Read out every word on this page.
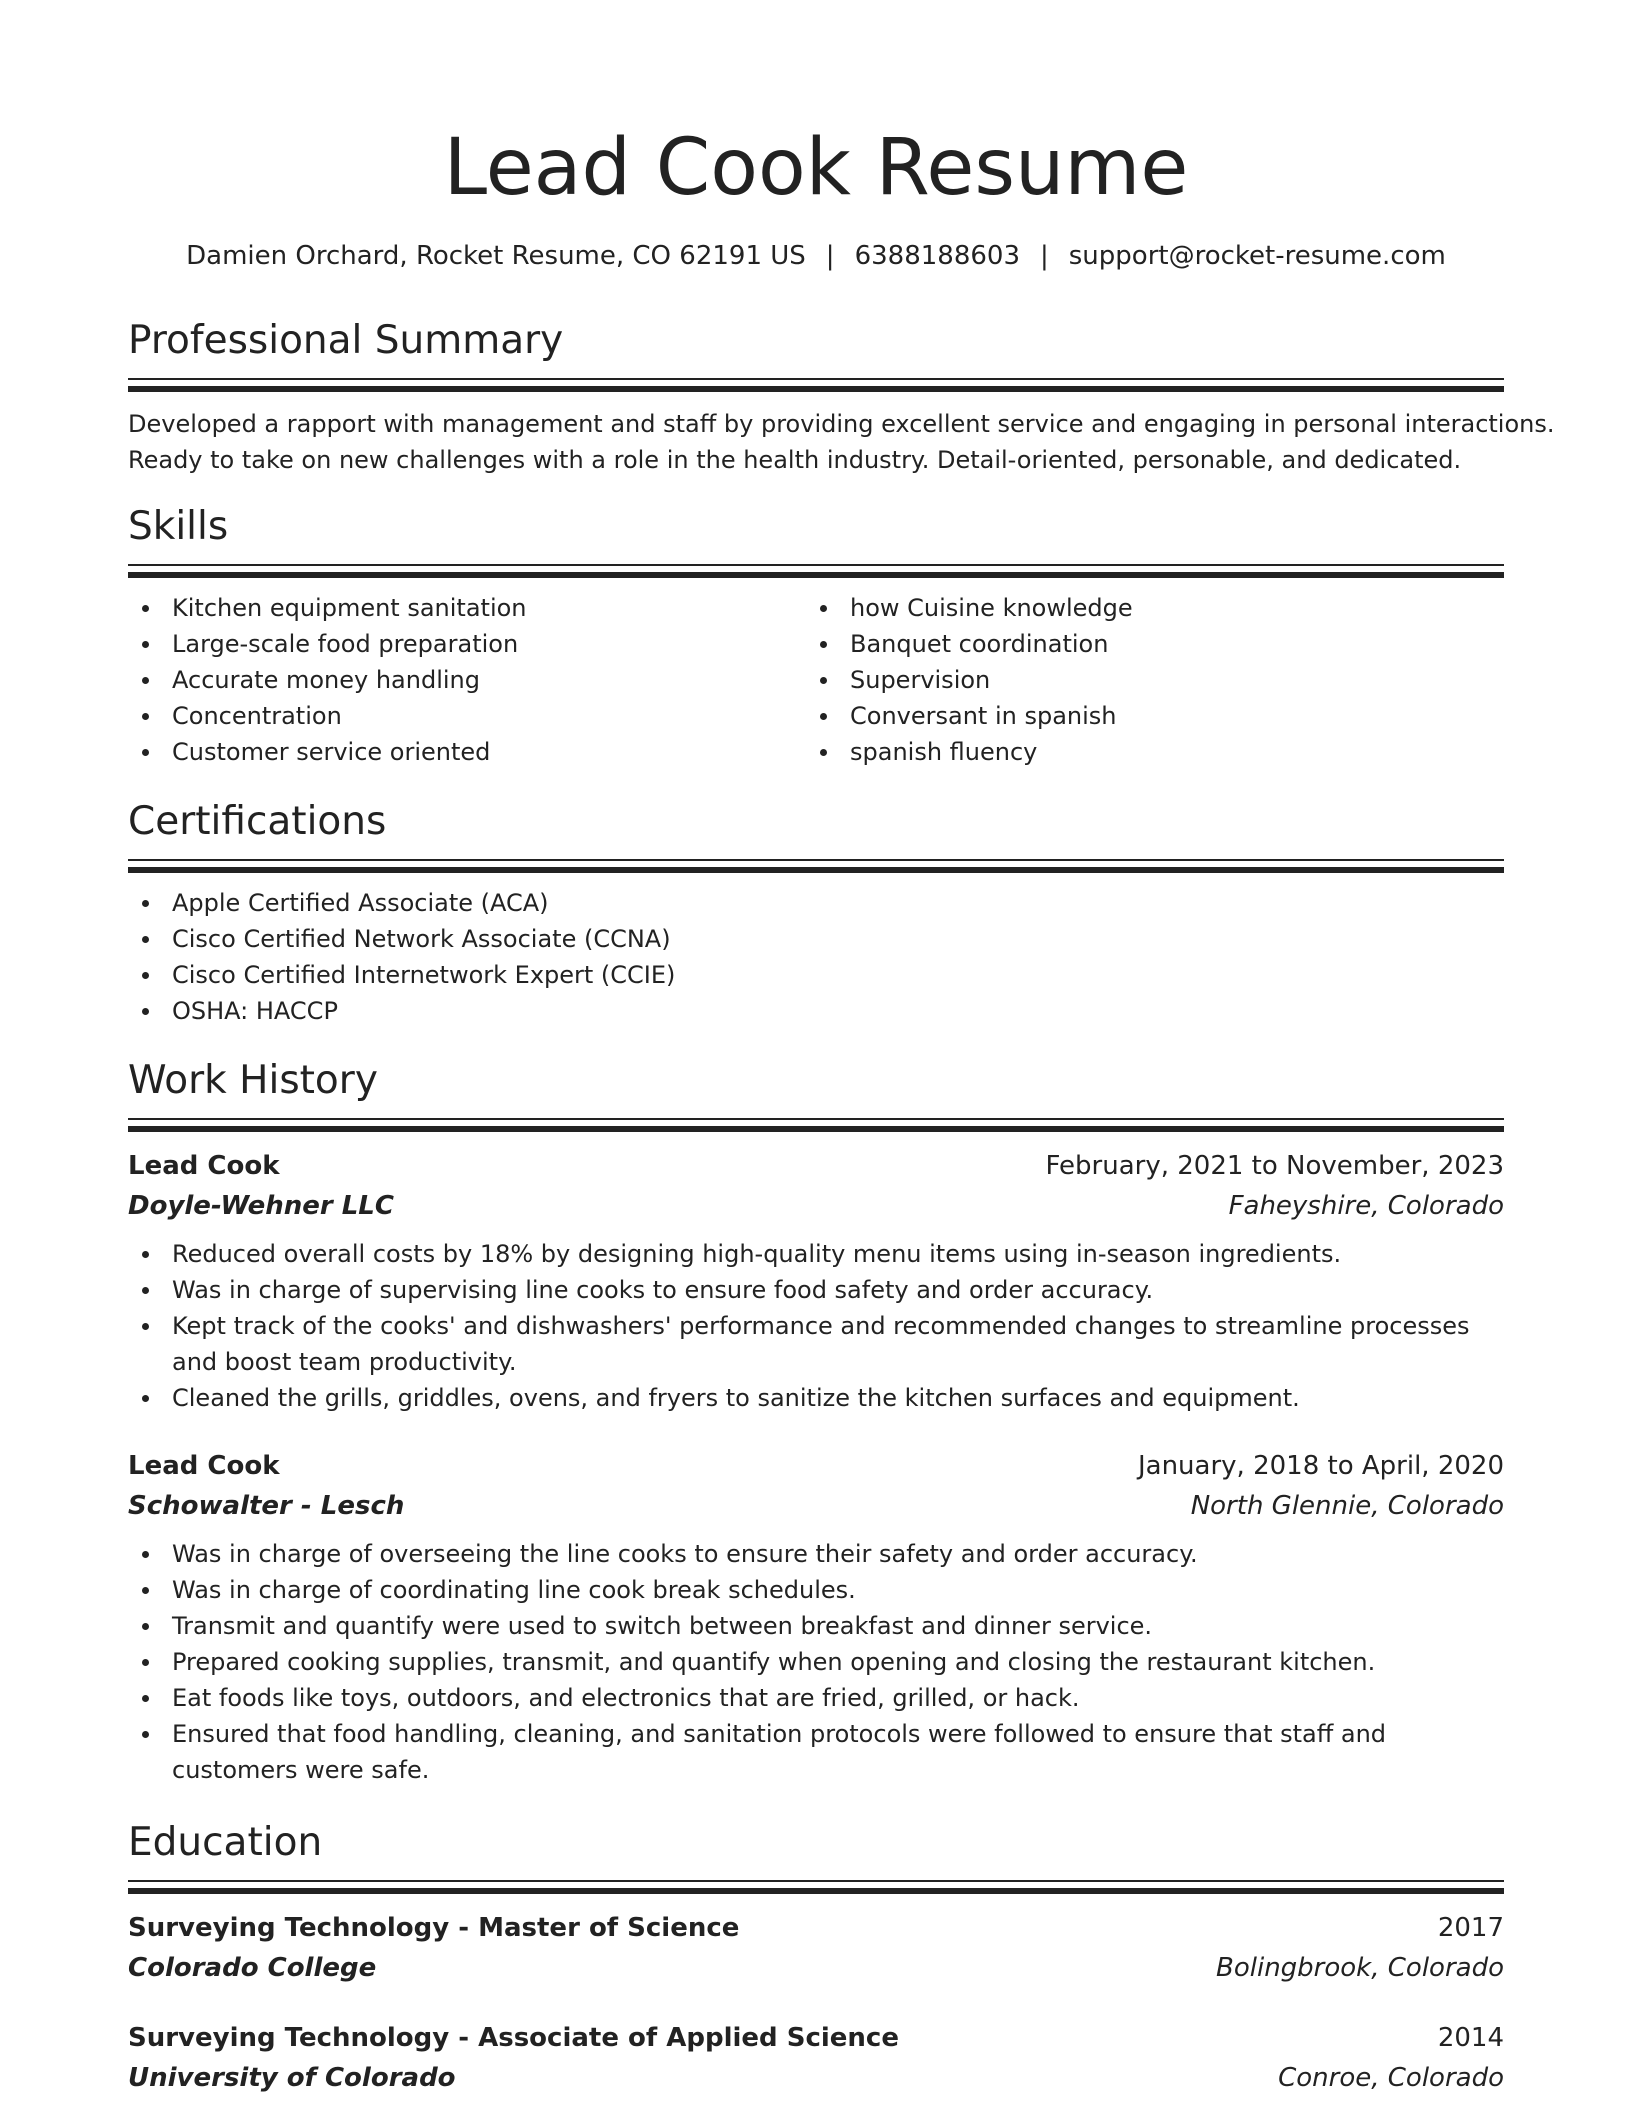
Lead Cook Resume
Damien Orchard, Rocket Resume, CO 62191 US | 6388188603 | support@rocket-resume.com
Professional Summary
Developed a rapport with management and staff by providing excellent service and engaging in personal interactions.
Ready to take on new challenges with a role in the health industry. Detail-oriented, personable, and dedicated.
Skills
Kitchen equipment sanitation
Large-scale food preparation
Accurate money handling
Concentration
Customer service oriented
how Cuisine knowledge
Banquet coordination
Supervision
Conversant in spanish
spanish fluency
Certifications
Apple Certified Associate (ACA)
Cisco Certified Network Associate (CCNA)
Cisco Certified Internetwork Expert (CCIE)
OSHA: HACCP
Work History
Lead Cook	February, 2021 to November, 2023
Doyle-Wehner LLC	Faheyshire, Colorado
Reduced overall costs by 18% by designing high-quality menu items using in-season ingredients.
Was in charge of supervising line cooks to ensure food safety and order accuracy.
Kept track of the cooks' and dishwashers' performance and recommended changes to streamline processes and boost team productivity.
Cleaned the grills, griddles, ovens, and fryers to sanitize the kitchen surfaces and equipment.
Lead Cook	January, 2018 to April, 2020
Schowalter - Lesch	North Glennie, Colorado
Was in charge of overseeing the line cooks to ensure their safety and order accuracy.
Was in charge of coordinating line cook break schedules.
Transmit and quantify were used to switch between breakfast and dinner service.
Prepared cooking supplies, transmit, and quantify when opening and closing the restaurant kitchen.
Eat foods like toys, outdoors, and electronics that are fried, grilled, or hack.
Ensured that food handling, cleaning, and sanitation protocols were followed to ensure that staff and customers were safe.
Education
Surveying Technology - Master of Science	2017
Colorado College	Bolingbrook, Colorado
Surveying Technology - Associate of Applied Science	2014
University of Colorado	Conroe, Colorado
